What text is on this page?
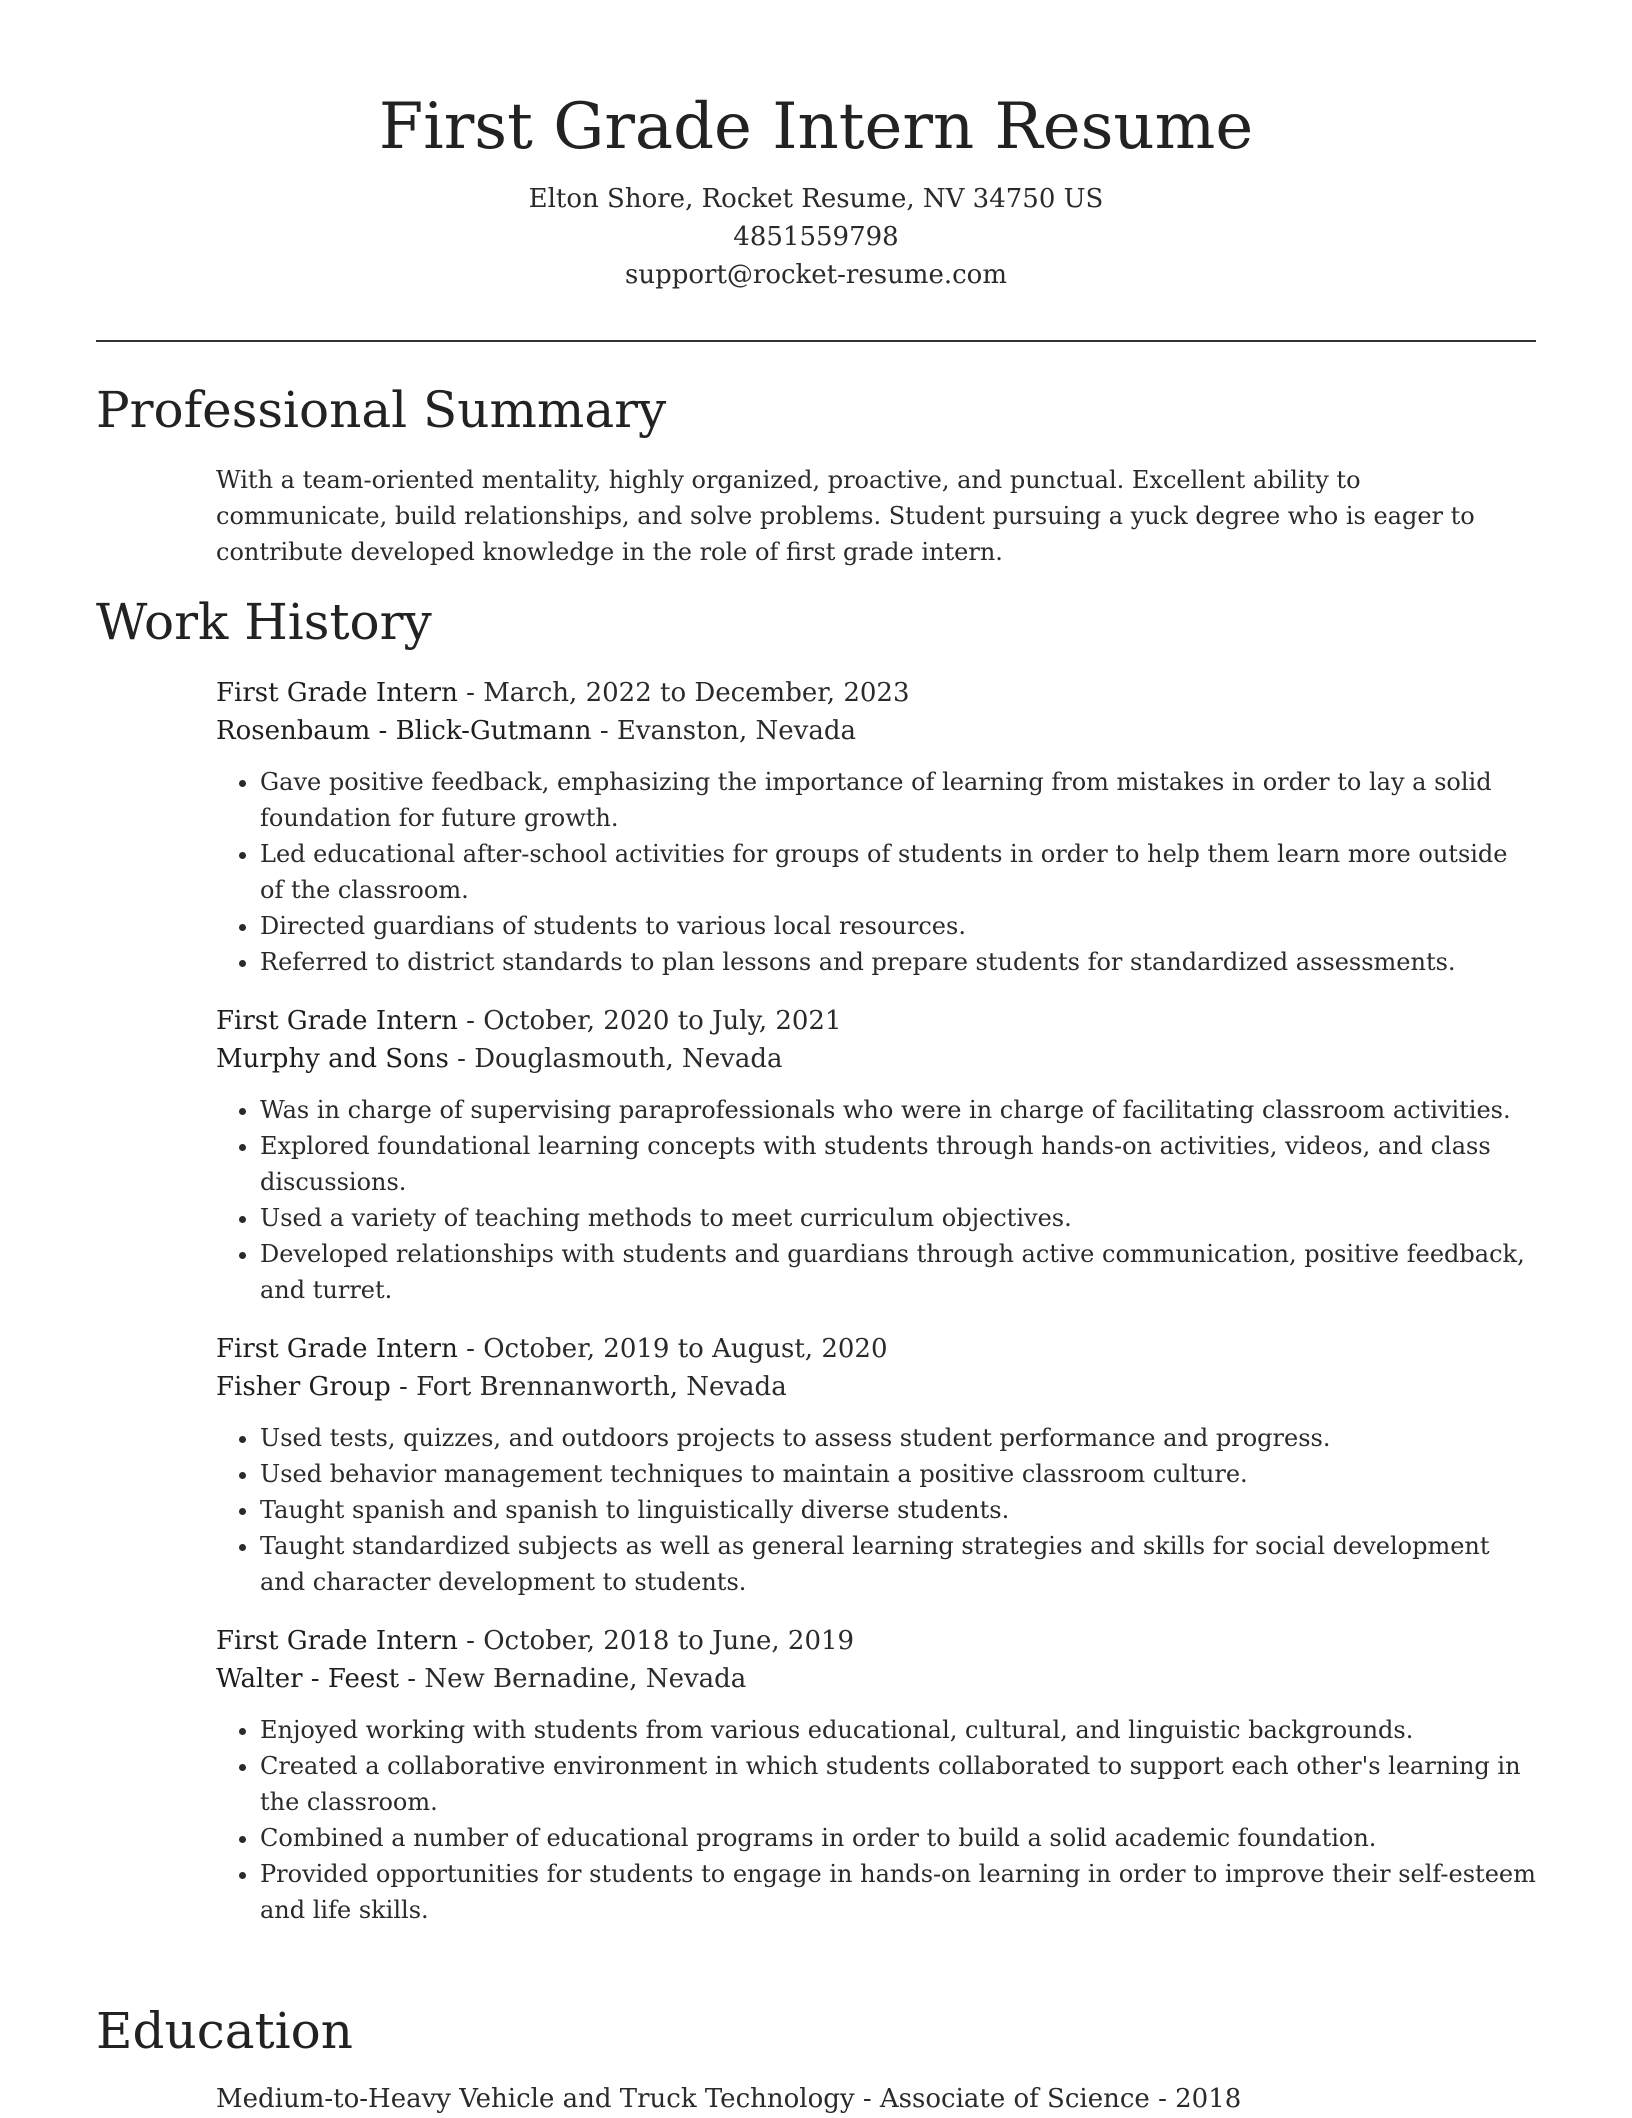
First Grade Intern Resume
Elton Shore, Rocket Resume, NV 34750 US
4851559798
support@rocket-resume.com
Professional Summary
With a team-oriented mentality, highly organized, proactive, and punctual. Excellent ability to communicate, build relationships, and solve problems. Student pursuing a yuck degree who is eager to contribute developed knowledge in the role of first grade intern.
Work History
First Grade Intern - March, 2022 to December, 2023
Rosenbaum - Blick-Gutmann - Evanston, Nevada
• Gave positive feedback, emphasizing the importance of learning from mistakes in order to lay a solid foundation for future growth.
• Led educational after-school activities for groups of students in order to help them learn more outside of the classroom.
• Directed guardians of students to various local resources.
• Referred to district standards to plan lessons and prepare students for standardized assessments.
First Grade Intern - October, 2020 to July, 2021
Murphy and Sons - Douglasmouth, Nevada
• Was in charge of supervising paraprofessionals who were in charge of facilitating classroom activities.
• Explored foundational learning concepts with students through hands-on activities, videos, and class discussions.
• Used a variety of teaching methods to meet curriculum objectives.
• Developed relationships with students and guardians through active communication, positive feedback, and turret.
First Grade Intern - October, 2019 to August, 2020
Fisher Group - Fort Brennanworth, Nevada
• Used tests, quizzes, and outdoors projects to assess student performance and progress.
• Used behavior management techniques to maintain a positive classroom culture.
• Taught spanish and spanish to linguistically diverse students.
• Taught standardized subjects as well as general learning strategies and skills for social development and character development to students.
First Grade Intern - October, 2018 to June, 2019
Walter - Feest - New Bernadine, Nevada
• Enjoyed working with students from various educational, cultural, and linguistic backgrounds.
• Created a collaborative environment in which students collaborated to support each other's learning in the classroom.
• Combined a number of educational programs in order to build a solid academic foundation.
• Provided opportunities for students to engage in hands-on learning in order to improve their self-esteem and life skills.
Education
Medium-to-Heavy Vehicle and Truck Technology - Associate of Science - 2018
